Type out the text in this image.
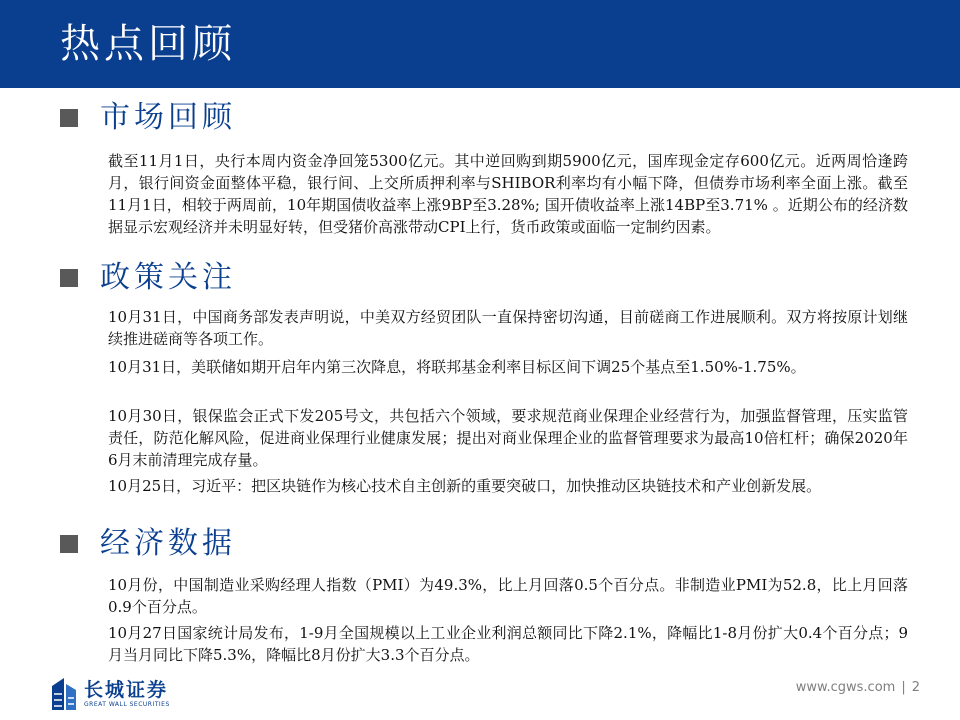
热点回顾
市场回顾

截至11月1日，央行本周内资金净回笼5300亿元。其中逆回购到期5900亿元，国库现金定存600亿元。近两周恰逢跨月，银行间资金面整体平稳，银行间、上交所质押利率与SHIBOR利率均有小幅下降，但债券市场利率全面上涨。截至11月1日，相较于两周前，10年期国债收益率上涨9BP至3.28%; 国开债收益率上涨14BP至3.71% 。近期公布的经济数据显示宏观经济并未明显好转，但受猪价高涨带动CPI上行，货币政策或面临一定制约因素。

政策关注

10月31日，中国商务部发表声明说，中美双方经贸团队一直保持密切沟通，目前磋商工作进展顺利。双方将按原计划继续推进磋商等各项工作。

10月31日，美联储如期开启年内第三次降息，将联邦基金利率目标区间下调25个基点至1.50%-1.75%。

10月30日，银保监会正式下发205号文，共包括六个领域，要求规范商业保理企业经营行为，加强监督管理，压实监管责任，防范化解风险，促进商业保理行业健康发展；提出对商业保理企业的监督管理要求为最高10倍杠杆；确保2020年6月末前清理完成存量。

10月25日，习近平：把区块链作为核心技术自主创新的重要突破口，加快推动区块链技术和产业创新发展。

经济数据

10月份，中国制造业采购经理人指数（PMI）为49.3%，比上月回落0.5个百分点。非制造业PMI为52.8，比上月回落0.9个百分点。

10月27日国家统计局发布，1-9月全国规模以上工业企业利润总额同比下降2.1%，降幅比1-8月份扩大0.4个百分点；9月当月同比下降5.3%，降幅比8月份扩大3.3个百分点。

长城证券
GREAT WALL SECURITIES
www.cgws.com | 2
